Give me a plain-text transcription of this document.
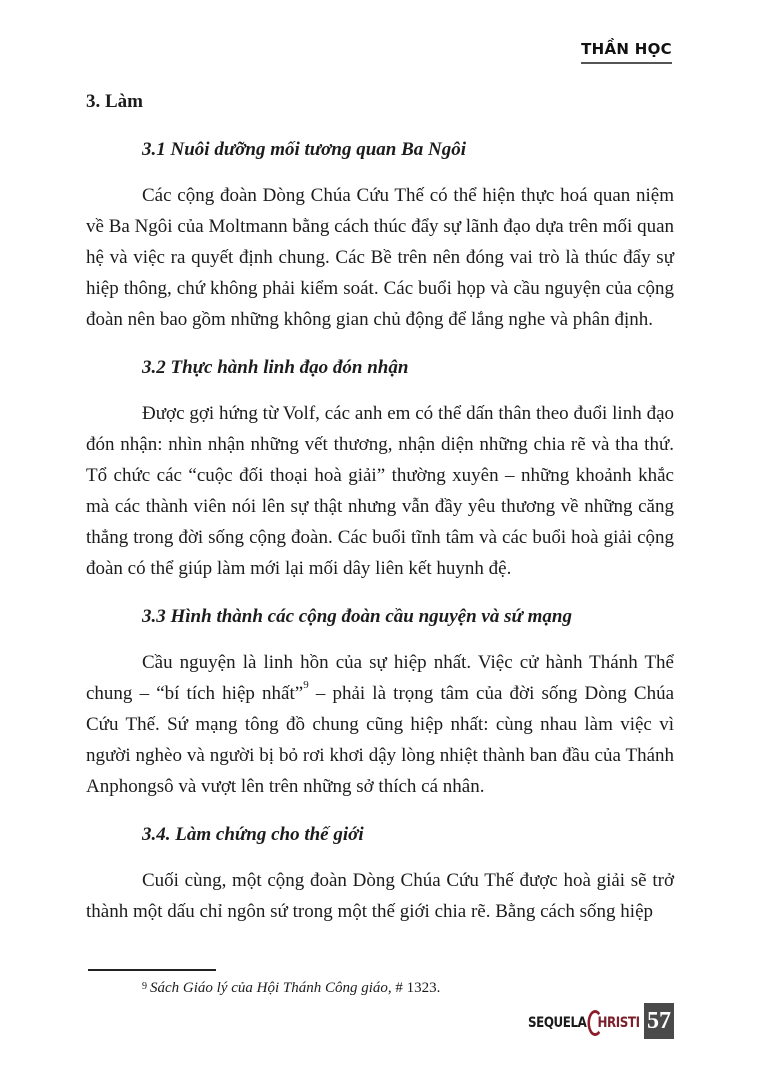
THẦN HỌC
3. Làm
3.1 Nuôi dưỡng mối tương quan Ba Ngôi

Các cộng đoàn Dòng Chúa Cứu Thế có thể hiện thực hoá quan niệm về Ba Ngôi của Moltmann bằng cách thúc đẩy sự lãnh đạo dựa trên mối quan hệ và việc ra quyết định chung. Các Bề trên nên đóng vai trò là thúc đẩy sự hiệp thông, chứ không phải kiểm soát. Các buổi họp và cầu nguyện của cộng đoàn nên bao gồm những không gian chủ động để lắng nghe và phân định.

3.2 Thực hành linh đạo đón nhận

Được gợi hứng từ Volf, các anh em có thể dấn thân theo đuổi linh đạo đón nhận: nhìn nhận những vết thương, nhận diện những chia rẽ và tha thứ. Tổ chức các “cuộc đối thoại hoà giải” thường xuyên – những khoảnh khắc mà các thành viên nói lên sự thật nhưng vẫn đầy yêu thương về những căng thẳng trong đời sống cộng đoàn. Các buổi tĩnh tâm và các buổi hoà giải cộng đoàn có thể giúp làm mới lại mối dây liên kết huynh đệ.

3.3 Hình thành các cộng đoàn cầu nguyện và sứ mạng

Cầu nguyện là linh hồn của sự hiệp nhất. Việc cử hành Thánh Thể chung – “bí tích hiệp nhất”$^9$ – phải là trọng tâm của đời sống Dòng Chúa Cứu Thế. Sứ mạng tông đồ chung cũng hiệp nhất: cùng nhau làm việc vì người nghèo và người bị bỏ rơi khơi dậy lòng nhiệt thành ban đầu của Thánh Anphongsô và vượt lên trên những sở thích cá nhân.

3.4. Làm chứng cho thế giới

Cuối cùng, một cộng đoàn Dòng Chúa Cứu Thế được hoà giải sẽ trở thành một dấu chỉ ngôn sứ trong một thế giới chia rẽ. Bằng cách sống hiệp

$^9$ Sách Giáo lý của Hội Thánh Công giáo, # 1323.
SEQUELA HRISTI 57
